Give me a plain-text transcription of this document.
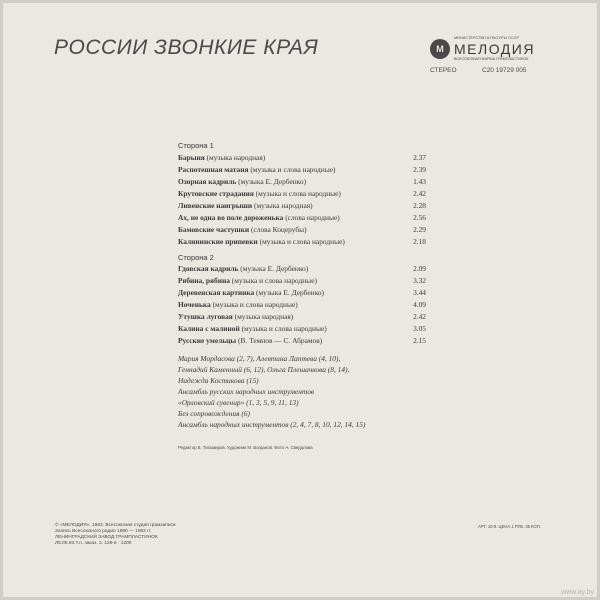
РОССИИ ЗВОНКИЕ КРАЯ	М
МИНИСТЕРСТВО КУЛЬТУРЫ СССР
МЕЛОДИЯ
ВСЕСОЮЗНАЯ ФИРМА ГРАМПЛАСТИНОК
СТЕРЕО	С20 19729 005
Сторона 1
Барыня (музыка народная)	2.37
Распотешная матаня (музыка и слова народные)	2.39
Озорная кадриль (музыка Е. Дербенко)	1.43
Крутовские страдания (музыка и слова народные)	2.42
Ливенские наигрыши (музыка народная)	2.28
Ах, не одна во поле дороженька (слова народные)	2.56
Бамовские частушки (слова Коцерубы)	2.29
Калининские припевки (музыка и слова народные)	2.18
Сторона 2
Гдовская кадриль (музыка Е. Дербенко)	2.09
Рябина, рябина (музыка и слова народные)	3.32
Деревенская картинка (музыка Е. Дербенко)	3.44
Ноченька (музыка и слова народные)	4.09
Утушка луговая (музыка народная)	2.42
Калина с малиной (музыка и слова народные)	3.05
Русские умельцы (В. Темнов — С. Абрамов)	2.15
Мария Мордасова (2, 7), Алевтина Лаптева (4, 10),
Геннадий Каменный (6, 12), Ольга Плешачкова (8, 14),
Надежда Костикова (15)
Ансамбль русских народных инструментов
«Орловский сувенир» (1, 3, 5, 9, 11, 13)
Без сопровождения (6)
Ансамбль народных инструментов (2, 4, 7, 8, 10, 12, 14, 15)
Редактор Б. Тихомиров. Художник М. Богданов. Фото А. Свердлова
© «МЕЛОДИЯ», 1983. Всесоюзная студия грамзаписи
Запись Всесоюзного радио 1980 — 1982 гг.
ЛЕНИНГРАДСКИЙ ЗАВОД ГРАМПЛАСТИНОК
Л6.05.83.Т.п. заказ. 3. 129-в · 1200
АРТ. 10-9. ЦЕНА 1 РУБ. 45 КОП.
www.ay.by
